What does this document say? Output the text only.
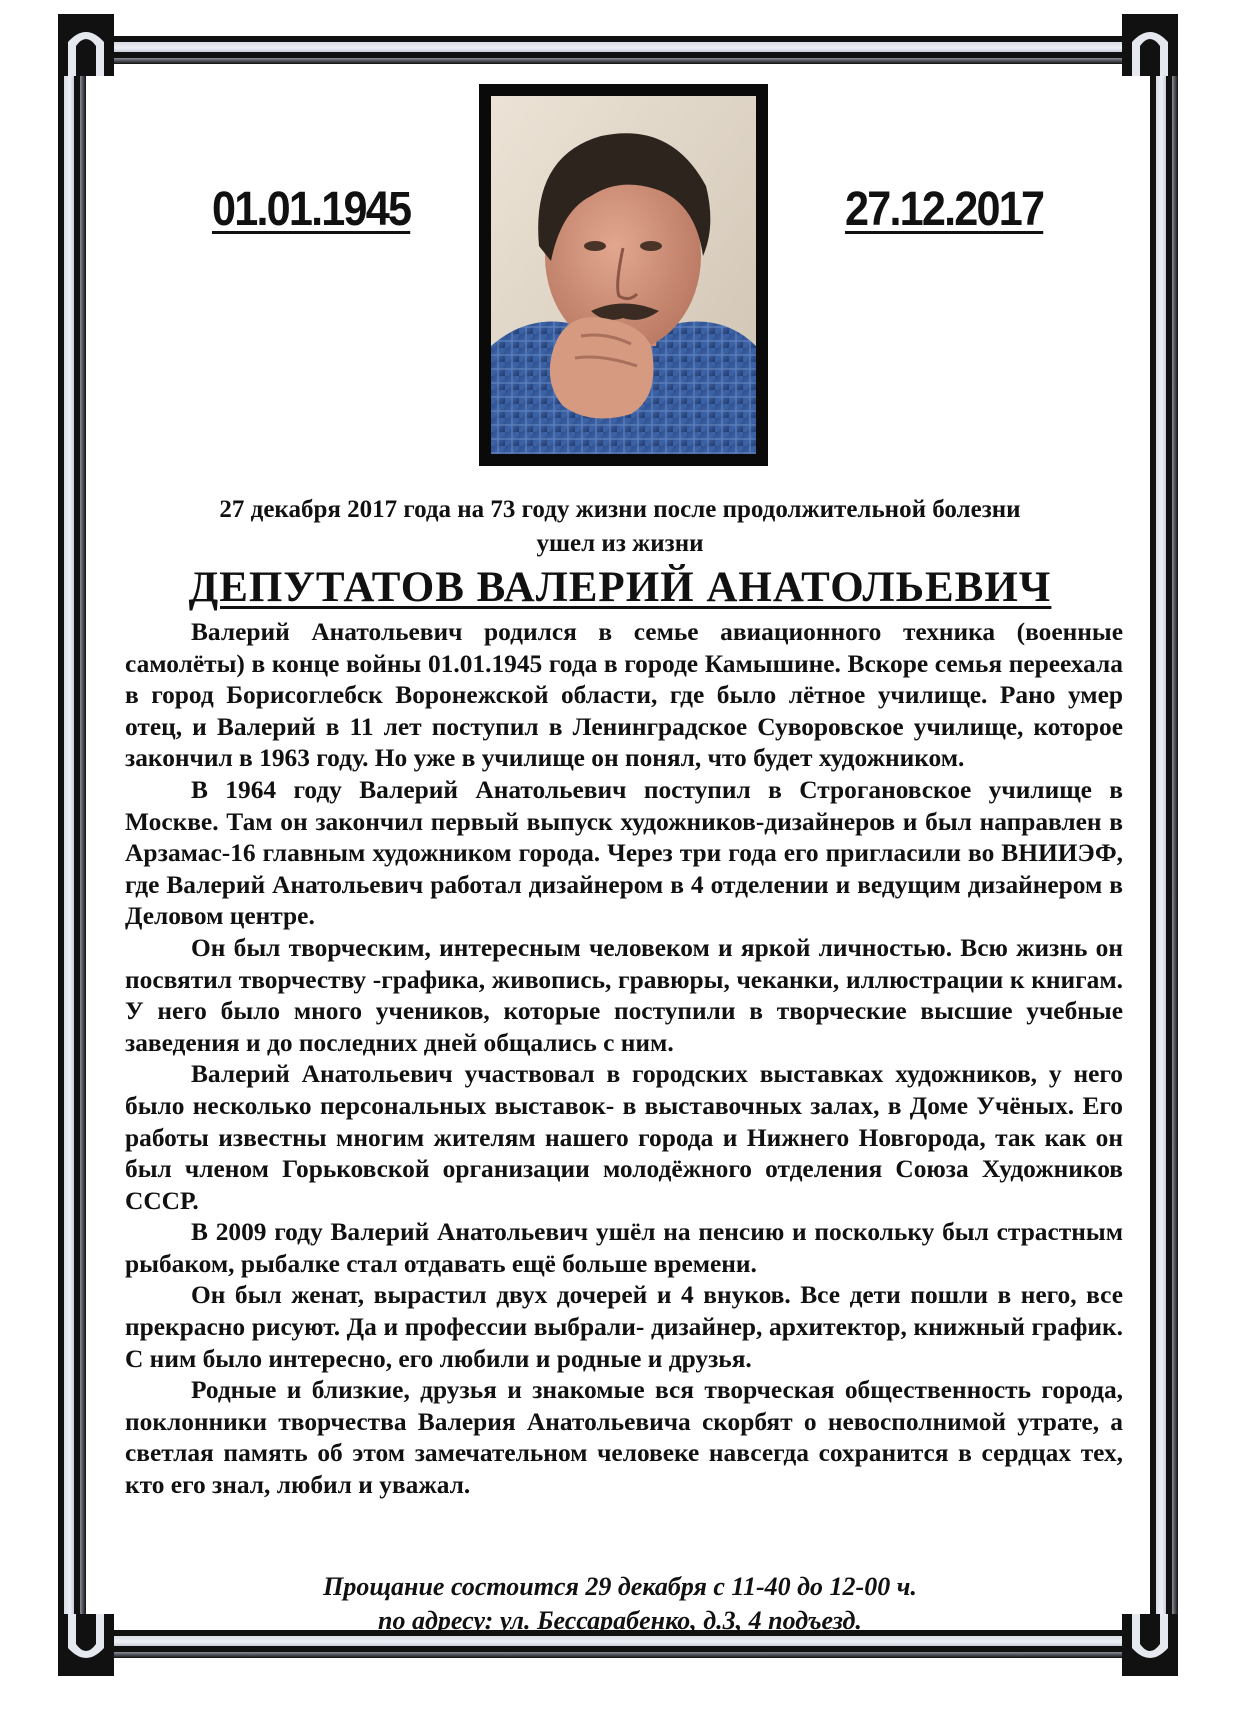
01.01.1945	27.12.2017
27 декабря 2017 года на 73 году жизни после продолжительной болезни
ушел из жизни
ДЕПУТАТОВ ВАЛЕРИЙ АНАТОЛЬЕВИЧ

Валерий Анатольевич родился в семье авиационного техника (военные самолёты) в конце войны 01.01.1945 года в городе Камышине. Вскоре семья переехала в город Борисоглебск Воронежской области, где было лётное училище. Рано умер отец, и Валерий в 11 лет поступил в Ленинградское Суворовское училище, которое закончил в 1963 году. Но уже в училище он понял, что будет художником.

В 1964 году Валерий Анатольевич поступил в Строгановское училище в Москве. Там он закончил первый выпуск художников-дизайнеров и был направлен в Арзамас-16 главным художником города. Через три года его пригласили во ВНИИЭФ, где Валерий Анатольевич работал дизайнером в 4 отделении и ведущим дизайнером в Деловом центре.

Он был творческим, интересным человеком и яркой личностью. Всю жизнь он посвятил творчеству -графика, живопись, гравюры, чеканки, иллюстрации к книгам. У него было много учеников, которые поступили в творческие высшие учебные заведения и до последних дней общались с ним.

Валерий Анатольевич участвовал в городских выставках художников, у него было несколько персональных выставок- в выставочных залах, в Доме Учёных. Его работы известны многим жителям нашего города и Нижнего Новгорода, так как он был членом Горьковской организации молодёжного отделения Союза Художников СССР.

В 2009 году Валерий Анатольевич ушёл на пенсию и поскольку был страстным рыбаком, рыбалке стал отдавать ещё больше времени.

Он был женат, вырастил двух дочерей и 4 внуков. Все дети пошли в него, все прекрасно рисуют. Да и профессии выбрали- дизайнер, архитектор, книжный график. С ним было интересно, его любили и родные и друзья.

Родные и близкие, друзья и знакомые вся творческая общественность города, поклонники творчества Валерия Анатольевича скорбят о невосполнимой утрате, а светлая память об этом замечательном человеке навсегда сохранится в сердцах тех, кто его знал, любил и уважал.

Прощание состоится 29 декабря с 11-40 до 12-00 ч.
по адресу: ул. Бессарабенко, д.3, 4 подъезд.
